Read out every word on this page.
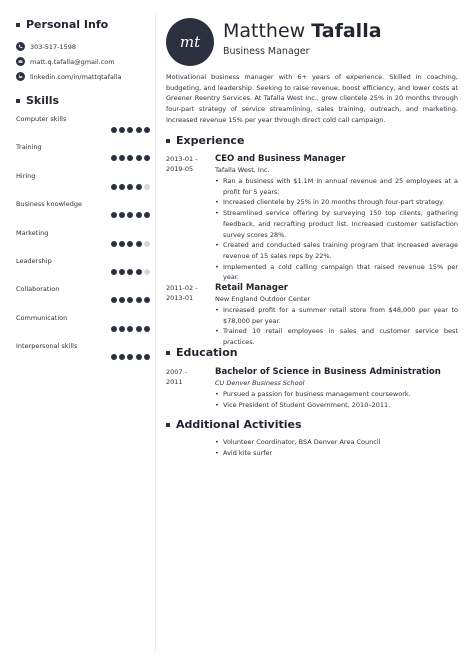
Personal Info
303-517-1598
matt.q.tafalla@gmail.com
linkedin.com/in/mattqtafalla
Skills
Computer skills
Training
Hiring
Business knowledge
Marketing
Leadership
Collaboration
Communication
Interpersonal skills
mt Matthew Tafalla
Business Manager
Motivational business manager with 6+ years of experience. Skilled in coaching, budgeting, and leadership. Seeking to raise revenue, boost efficiency, and lower costs at Greener Reentry Services. At Tafalla West Inc., grew clientele 25% in 20 months through four-part strategy of service streamlining, sales training, outreach, and marketing. Increased revenue 15% per year through direct cold call campaign.
Experience
2013-01 -
2019-05
CEO and Business Manager
Tafalla West, Inc.
• Ran a business with $1.1M in annual revenue and 25 employees at a profit for 5 years.
• Increased clientele by 25% in 20 months through four-part strategy.
• Streamlined service offering by surveying 150 top clients, gathering feedback, and recrafting product list. Increased customer satisfaction survey scores 28%.
• Created and conducted sales training program that increased average revenue of 15 sales reps by 22%.
• Implemented a cold calling campaign that raised revenue 15% per year.
2011-02 -
2013-01
Retail Manager
New England Outdoor Center
• Increased profit for a summer retail store from $48,000 per year to $78,000 per year.
• Trained 10 retail employees in sales and customer service best practices.
Education
2007 -
2011
Bachelor of Science in Business Administration
CU Denver Business School
• Pursued a passion for business management coursework.
• Vice President of Student Government, 2010–2011.
Additional Activities
• Volunteer Coordinator, BSA Denver Area Council
• Avid kite surfer
